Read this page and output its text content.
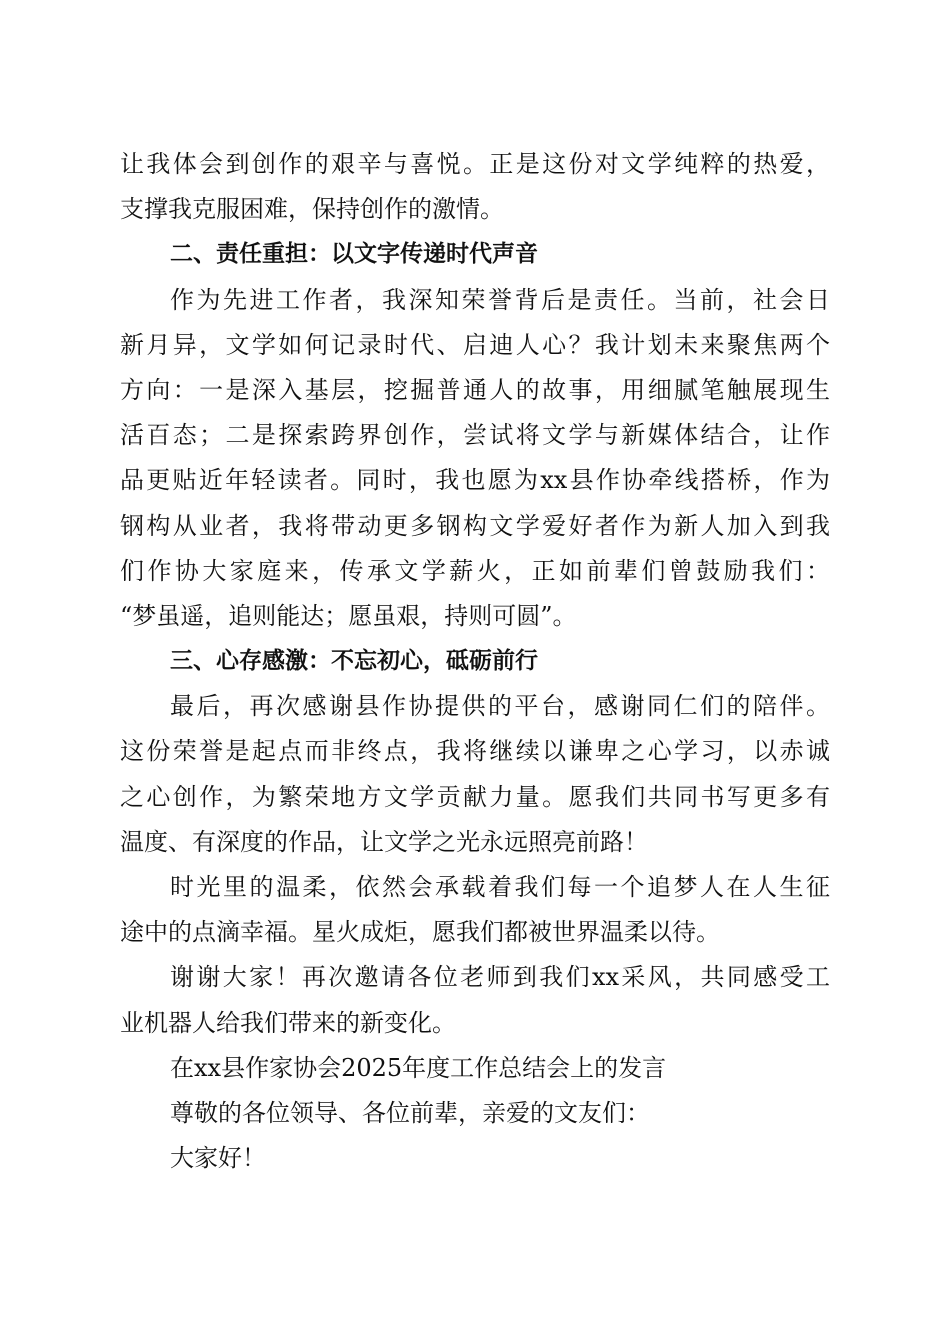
让我体会到创作的艰辛与喜悦。正是这份对文学纯粹的热爱，
支撑我克服困难，保持创作的激情。
二、责任重担：以文字传递时代声音
作为先进工作者，我深知荣誉背后是责任。当前，社会日
新月异，文学如何记录时代、启迪人心？我计划未来聚焦两个
方向：一是深入基层，挖掘普通人的故事，用细腻笔触展现生
活百态；二是探索跨界创作，尝试将文学与新媒体结合，让作
品更贴近年轻读者。同时，我也愿为xx县作协牵线搭桥，作为
钢构从业者，我将带动更多钢构文学爱好者作为新人加入到我
们作协大家庭来，传承文学薪火，正如前辈们曾鼓励我们：
“梦虽遥，追则能达；愿虽艰，持则可圆”。
三、心存感激：不忘初心，砥砺前行
最后，再次感谢县作协提供的平台，感谢同仁们的陪伴。
这份荣誉是起点而非终点，我将继续以谦卑之心学习，以赤诚
之心创作，为繁荣地方文学贡献力量。愿我们共同书写更多有
温度、有深度的作品，让文学之光永远照亮前路！
时光里的温柔，依然会承载着我们每一个追梦人在人生征
途中的点滴幸福。星火成炬，愿我们都被世界温柔以待。
谢谢大家！再次邀请各位老师到我们xx采风，共同感受工
业机器人给我们带来的新变化。
在xx县作家协会2025年度工作总结会上的发言
尊敬的各位领导、各位前辈，亲爱的文友们：
大家好！
